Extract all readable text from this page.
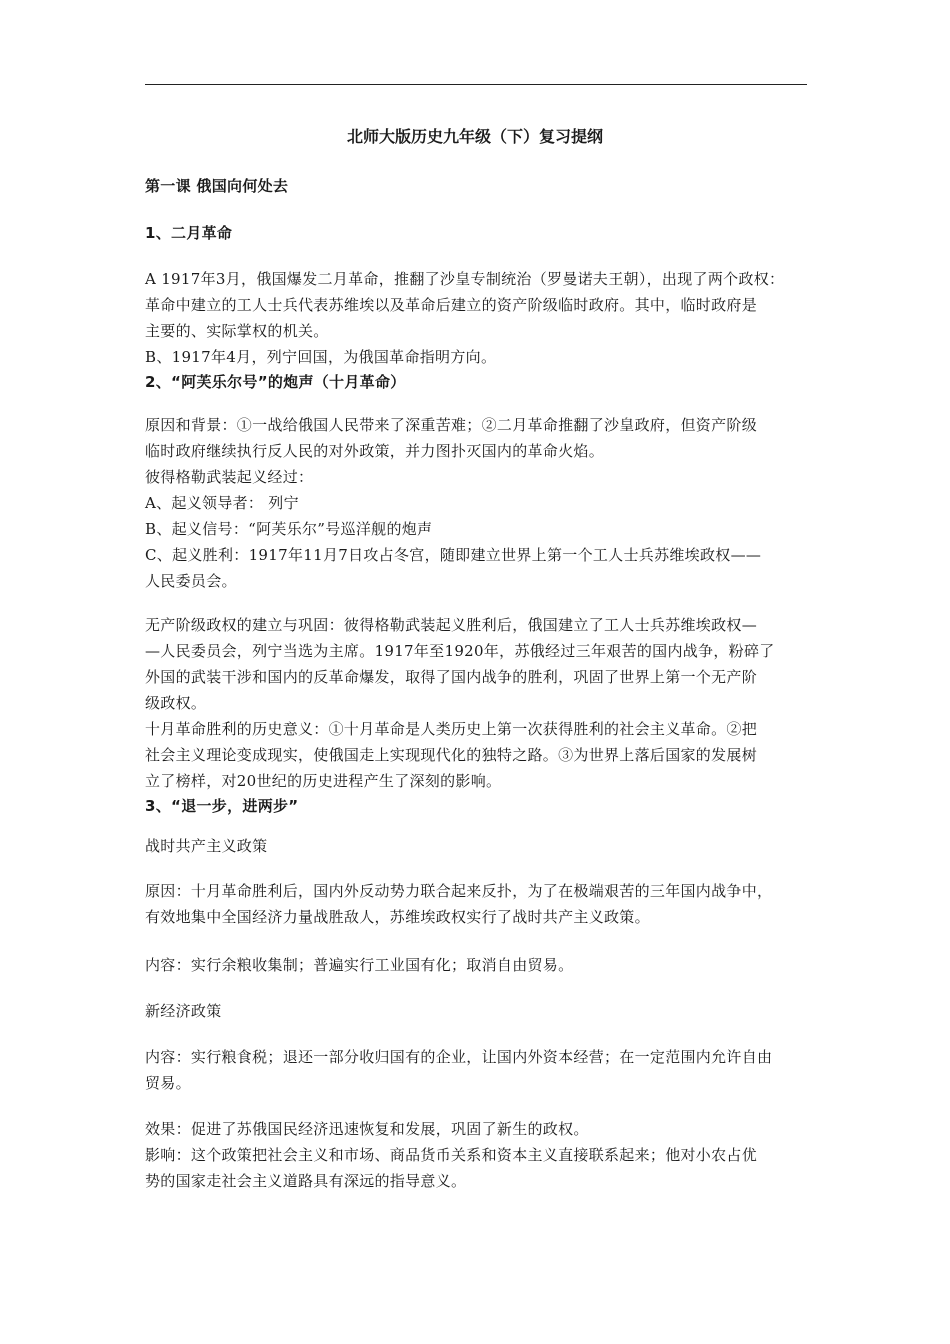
北师大版历史九年级（下）复习提纲
第一课 俄国向何处去
1、二月革命
A 1917年3月，俄国爆发二月革命，推翻了沙皇专制统治（罗曼诺夫王朝），出现了两个政权：
革命中建立的工人士兵代表苏维埃以及革命后建立的资产阶级临时政府。其中，临时政府是
主要的、实际掌权的机关。
B、1917年4月，列宁回国，为俄国革命指明方向。
2、“阿芙乐尔号”的炮声（十月革命）
原因和背景：①一战给俄国人民带来了深重苦难；②二月革命推翻了沙皇政府，但资产阶级
临时政府继续执行反人民的对外政策，并力图扑灭国内的革命火焰。
彼得格勒武装起义经过：
A、起义领导者： 列宁
B、起义信号：“阿芙乐尔”号巡洋舰的炮声
C、起义胜利：1917年11月7日攻占冬宫，随即建立世界上第一个工人士兵苏维埃政权——
人民委员会。
无产阶级政权的建立与巩固：彼得格勒武装起义胜利后，俄国建立了工人士兵苏维埃政权—
—人民委员会，列宁当选为主席。1917年至1920年，苏俄经过三年艰苦的国内战争，粉碎了
外国的武装干涉和国内的反革命爆发，取得了国内战争的胜利，巩固了世界上第一个无产阶
级政权。
十月革命胜利的历史意义：①十月革命是人类历史上第一次获得胜利的社会主义革命。②把
社会主义理论变成现实，使俄国走上实现现代化的独特之路。③为世界上落后国家的发展树
立了榜样，对20世纪的历史进程产生了深刻的影响。
3、“退一步，进两步”
战时共产主义政策
原因：十月革命胜利后，国内外反动势力联合起来反扑，为了在极端艰苦的三年国内战争中，
有效地集中全国经济力量战胜敌人，苏维埃政权实行了战时共产主义政策。
内容：实行余粮收集制；普遍实行工业国有化；取消自由贸易。
新经济政策
内容：实行粮食税；退还一部分收归国有的企业，让国内外资本经营；在一定范围内允许自由
贸易。
效果：促进了苏俄国民经济迅速恢复和发展，巩固了新生的政权。
影响：这个政策把社会主义和市场、商品货币关系和资本主义直接联系起来；他对小农占优
势的国家走社会主义道路具有深远的指导意义。
